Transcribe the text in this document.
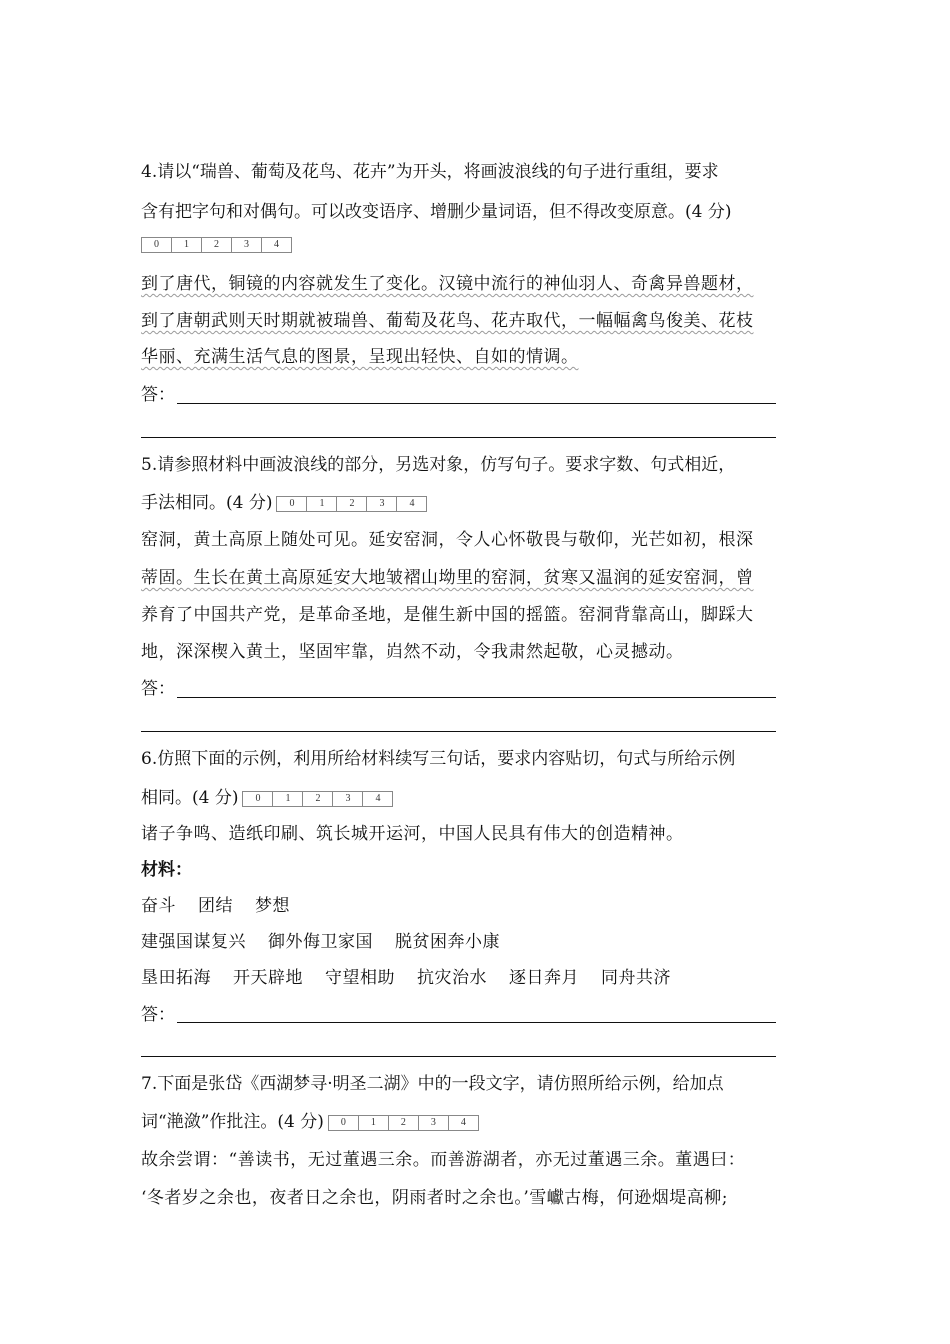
4.请以“瑞兽、葡萄及花鸟、花卉”为开头，将画波浪线的句子进行重组，要求
含有把字句和对偶句。可以改变语序、增删少量词语，但不得改变原意。(4 分)
0	1	2	3	4
到了唐代，铜镜的内容就发生了变化。汉镜中流行的神仙羽人、奇禽异兽题材，
到了唐朝武则天时期就被瑞兽、葡萄及花鸟、花卉取代，一幅幅禽鸟俊美、花枝
华丽、充满生活气息的图景，呈现出轻快、自如的情调。
答：
5.请参照材料中画波浪线的部分，另选对象，仿写句子。要求字数、句式相近，
手法相同。(4 分)	0	1	2	3	4
窑洞，黄土高原上随处可见。延安窑洞，令人心怀敬畏与敬仰，光芒如初，根深
蒂固。生长在黄土高原延安大地皱褶山坳里的窑洞，贫寒又温润的延安窑洞，曾
养育了中国共产党，是革命圣地，是催生新中国的摇篮。窑洞背靠高山，脚踩大
地，深深楔入黄土，坚固牢靠，岿然不动，令我肃然起敬，心灵撼动。
答：
6.仿照下面的示例，利用所给材料续写三句话，要求内容贴切，句式与所给示例
相同。(4 分)	0	1	2	3	4
诸子争鸣、造纸印刷、筑长城开运河，中国人民具有伟大的创造精神。
材料：
奋斗 团结 梦想
建强国谋复兴 御外侮卫家国 脱贫困奔小康
垦田拓海 开天辟地 守望相助 抗灾治水 逐日奔月 同舟共济
答：
7.下面是张岱《西湖梦寻·明圣二湖》中的一段文字，请仿照所给示例，给加点
词“滟潋”作批注。(4 分)	0	1	2	3	4
故余尝谓：“善读书，无过董遇三余。而善游湖者，亦无过董遇三余。董遇曰：
‘冬者岁之余也，夜者日之余也，阴雨者时之余也。’雪巘古梅，何逊烟堤高柳;
